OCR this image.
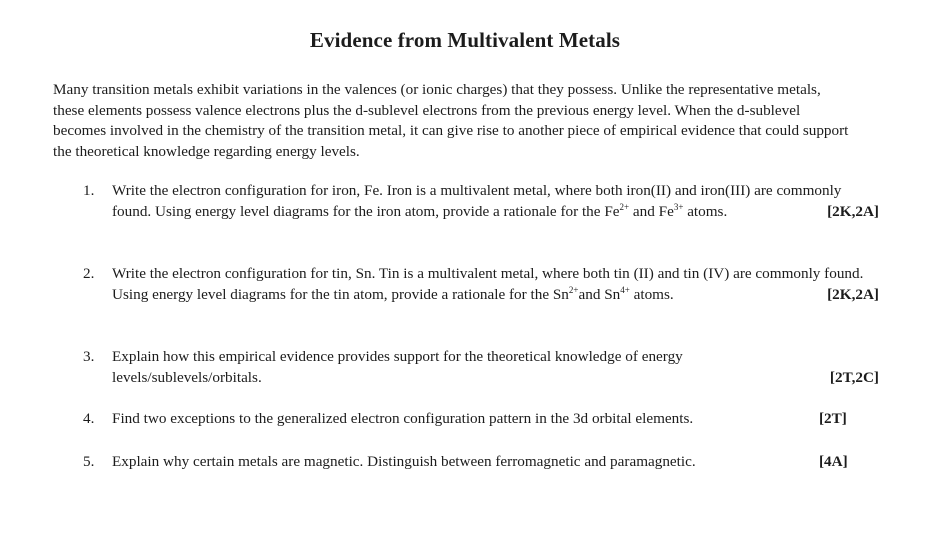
Evidence from Multivalent Metals
Many transition metals exhibit variations in the valences (or ionic charges) that they possess. Unlike the representative metals, these elements possess valence electrons plus the d-sublevel electrons from the previous energy level. When the d-sublevel becomes involved in the chemistry of the transition metal, it can give rise to another piece of empirical evidence that could support the theoretical knowledge regarding energy levels.
1. Write the electron configuration for iron, Fe. Iron is a multivalent metal, where both iron(II) and iron(III) are commonly found. Using energy level diagrams for the iron atom, provide a rationale for the $Fe^{2+}$ and $Fe^{3+}$ atoms.	[2K,2A]
2. Write the electron configuration for tin, Sn. Tin is a multivalent metal, where both tin (II) and tin (IV) are commonly found. Using energy level diagrams for the tin atom, provide a rationale for the $Sn^{2+}and$ $Sn^{4+}$ atoms.	[2K,2A]
3. Explain how this empirical evidence provides support for the theoretical knowledge of energy levels/sublevels/orbitals.	[2T,2C]
4. Find two exceptions to the generalized electron configuration pattern in the 3d orbital elements.	[2T]
5. Explain why certain metals are magnetic. Distinguish between ferromagnetic and paramagnetic.	[4A]
